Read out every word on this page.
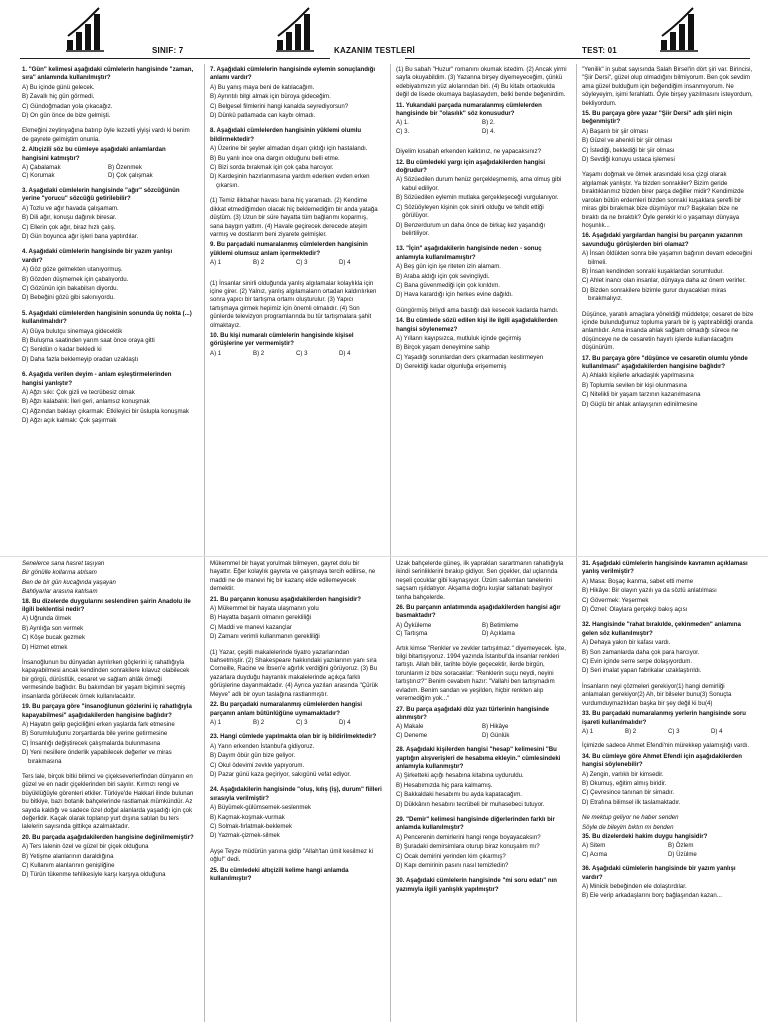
SINIF: 7	KAZANIM TESTLERİ	TEST: 01

1. "Gün" kelimesi aşağıdaki cümlelerin hangisinde "zaman, sıra" anlamında kullanılmıştır?

A) Bu içinde günü gelecek.

B) Zavallı hiç gün görmedi.

C) Gündoğmadan yola çıkacağız.

D) On gün önce de bize gelmişti.

Ekmeğini zeytinyağına batırıp öyle lezzetli yiyişi vardı ki benim de gayrete gelmiştim onunla.

2. Altıçizili söz bu cümleye aşağıdaki anlamlardan hangisini katmıştır?

A) Çabalamak	B) Özenmek
C) Korumak	D) Çok çalışmak

3. Aşağıdaki cümlelerin hangisinde "ağır" sözcüğünün yerine "yorucu" sözcüğü getirilebilir?

A) Tozlu ve ağır havada çalışamam.

B) Dili ağır, konuşu dağınık biresar.

C) Ellerin çok ağır, biraz hızlı çalış.

D) Gün boyunca ağır işleri bana yaptırdılar.

4. Aşağıdaki cümlelerin hangisinde bir yazım yanlışı vardır?

A) Göz göze gelmekten utanıyormuş.

B) Gözden düşmemek için çabalıyordu.

C) Gözünün için bakabilsın diyordu.

D) Bebeğini gözü gibi sakınıyordu.

5. Aşağıdaki cümlelerden hangisinin sonunda üç nokta (...) kullanılmalıdır?

A) Güya bulutçu sinemaya gidecektik

B) Buluşma saatinden yarım saat önce oraya gitti

C) Senidün o kadar bekledi ki

D) Daha fazla beklemeyip oradan uzaklaştı

6. Aşağıda verilen deyim - anlam eşleştirmelerinden hangisi yanlıştır?

A) Ağzı sıkı: Çok gizli ve tecrübesiz olmak

B) Ağzı kalabalık: İleri geri, anlamsız konuşmak

C) Ağzından baklayı çıkarmak: Etkileyici bir üslupla konuşmak

D) Ağzı açık kalmak: Çok şaşırmak

7. Aşağıdaki cümlelerin hangisinde eylemin sonuçlandığı anlamı vardır?

A) Bu yanış maya beni de katılacağım.

B) Ayrıntılı bilgi almak için büroya gideceğim.

C) Belgesel filmlerini hangi kanalda seyrediyorsun?

D) Dünkü patlamada can kaybı olmadı.

8. Aşağıdaki cümlelerden hangisinin yüklemi olumlu bildirmektedir?

A) Üzerine bir şeyler almadan dışarı çıktığı için hastalandı.

B) Bu yanlı ince ona dargın olduğunu belli etme.

C) Bizi sorda bırakmak için çok çaba harcıyor.

D) Kardeşinin hazırlanmasına yardım ederken evden erken çıkarsın.

(1) Temiz ilikbahar havası bana hiç yaramadı. (2) Kendime dikkat etmediğimden olacak hiç beklemediğim bir anda yatağa düştüm. (3) Uzun bir süre hayatta tüm bağlarımı koparmış, sana baygın yattım. (4) Havale geçirecek derecede ateşim varmış ve dostlarım beni ziyarete gelmişler.

9. Bu parçadaki numaralanmış cümlelerden hangisinin yüklemi olumsuz anlam içermektedir?

A) 1	B) 2	C) 3	D) 4

(1) İnsanlar sinirli olduğunda yanlış algılamalar kolaylıkla için içine girer. (2) Yalnız, yanlış algılamaların ortadan kaldırılırken sonra yapıcı bir tartışma ortamı oluşturulur. (3) Yapıcı tartışmaya girmek hepimiz için önemli olmalıdır. (4) Son günlerde televizyon programlarında bu tür tartışmalara şahit olmaktayız.

10. Bu kişi numaralı cümlelerin hangisinde kişisel görüşlerine yer vermemiştir?

A) 1	B) 2	C) 3	D) 4

(1) Bu sabah "Huzur" romanını okumak istedim. (2) Ancak yirmi sayfa okuyabildim. (3) Yazanna birşey diyemeyeceğim, çünkü edebiyatımızın yüz akılarından biri. (4) Bu kitabı ortaokulda değil de lisede okumaya başlasaydım, belki bende beğenirdim.

11. Yukarıdaki parçada numaralanmış cümlelerden hangisinde bir "olasılık" söz konusudur?

A) 1.	B) 2.
C) 3.	D) 4.

Diyelim kısabah erkenden kalktınız, ne yapacaksınız?

12. Bu cümledeki yargı için aşağıdakilerden hangisi doğrudur?

A) Sözüedilen durum henüz gerçekleşmemiş, ama olmuş gibi kabul ediliyor.

B) Sözüedilen eylemin mutlaka gerçekleşeceği vurgulanıyor.

C) Sözüöyleyen kişinin çok sinirli olduğu ve tehdit ettiği görülüyor.

D) Benzerdurum un daha önce de birkaç kez yaşandığı belirtiliyor.

13. "İçin" aşağıdakilerin hangisinde neden - sonuç anlamıyla kullanılmamıştır?

A) Beş gün için işe riteten izin alamam.

B) Araba aldığı için çok sevinçliydi.

C) Bana güvenmediği için çok kırıldım.

D) Hava karardığı için herkes evine dağıldı.

Güngörmüş biriydi ama bastığı dalı kesecek kadarda hamdı.

14. Bu cümlede sözü edilen kişi ile ilgili aşağıdakilerden hangisi söylenemez?

A) Yıllanrı kayıpsızca, mutluluk içinde geçirmiş

B) Birçok yaşam deneyimine sahip

C) Yaşadığı sorunlardan ders çıkarmadan kestirmeyen

D) Gerektiği kadar olgunluğa erişememiş

"Yenilik" in şubat sayısında Salah Birsel'in dört şiri var. Birincisi, "Şiir Dersi", güzel olup olmadığını bilmiyorum. Ben çok sevdim ama güzel bulduğum için beğendiğim insanmıyorum. Ne söyleyeyim, işimi ferahlattı. Öyle birşey yazılmasını isteyordum, bekliyordum.

15. Bu parçaya göre yazar "Şiir Dersi" adlı şiiri niçin beğenmiştir?

A) Başarılı bir şiir olması

B) Güzel ve ahenkli bir şiir olması

C) İstediği, beklediği bir şiir olması

D) Sevdiği konuyu ustaca işlemesi

Yaşamı doğmak ve ölmek arasındaki kısa çizgi olarak algılamak yanlıştır. Ya bizden sonrakiler? Bizim geride bıraktıklarımız bizden birer parça değiller midir? Kendimizde varolan bütün erdemleri bizden sonraki kuşaklara şerefli bir miras gibi bırakmak bize düşmüyor mu? Başkaları bize ne bıraktı da ne bıraktık? Öyle gerekir ki o yaşamayı dünyaya hoşunlık...

16. Aşağıdaki yargılardan hangisi bu parçanın yazarının savunduğu görüşlerden biri olamaz?

A) İnsan öldükten sonra bile yaşamın bağının devam edeceğini bilmeli.

B) İnsan kendinden sonraki kuşaklardan sorumludur.

C) Ahlet inancı olan insanlar, dünyaya daha az önem verirler.

D) Bizden sonrakilere bizimle gurur duyacakları miras bırakmalıyız.

Düşünce, yaratılı amaçlara yöneldiği müddetçe; cesaret de bize içinde bulunduğumuz topluma yararlı bir iş yaptırabildiği oranda anlamlıdır. Ama insanda ahlak sağlam olmadığı sürece ne düşünceye ne de cesaretin hayırlı işlerde kullanılacağını düşünürüm.

17. Bu parçaya göre "düşünce ve cesaretin olumlu yönde kullanılması" aşağıdakilerden hangisine bağlıdır?

A) Ahlaklı kişilerle arkadaşlık yapılmasına

B) Toplumla sevilen bir kişi olunmasına

C) Nitelikli bir yaşam tarzının kazanılmasına

D) Güçlü bir ahlak anlayışının edinilmesine

Senelerce sana hasret taşıyan

Bir gönülle kollarına atılsam

Ben de bir gün kucağında yaşayan

Bahtiyarlar arasına katılsam

18. Bu dizelerde duygularını seslendiren şairin Anadolu ile ilgili beklentisi nedir?

A) Uğrunda ölmek

B) Ayrılığa son vermek

C) Köşe bucak gezmek

D) Hizmet etmek

İnsanoğlunun bu dünyadan ayrılırken göçlerini iç rahatlığıyla kapayabilmesi ancak kendinden sonrakilere kılavuz olabilecek bir görgü, dürüstlük, cesaret ve sağlam ahlâk örneği vermesinde bağlıdır. Bu bakımdan bir yaşam biçimini seçmiş insanlarda görülecek örnek kullanılacaktır.

19. Bu parçaya göre "insanoğlunun gözlerini iç rahatlığıyla kapayabilmesi" aşağıdakilerden hangisine bağlıdır?

A) Hayatın gelip geçiciliğini erken yaşlarda fark etmesine

B) Sorumluluğunu zorşartlarda bile yerine getirmesine

C) İnsanlığı değiştirecek çalışmalarda bulunmasına

D) Yeni nesillere önderlik yapabilecek değerler ve miras bırakmasına

Ters lale, birçok bitki bilimci ve çiçekseverlerfindan dünyanın en güzel ve en nadir çiçeklerinden biri sayılır. Kırmızı rengi ve büyüklüğüyle görenleri etkiler. Türkiye'de Hakkari ilinde bulunan bu bitkiye, bazı botanik bahçelerinde rastlamak mümkündür. Az sayıda kaldığı ve sadece özel doğal alanlarda yaşadığı için çok değerlidir. Kaçak olarak toplanıp yurt dışına satılan bu ters lalelerin sayısında gittikçe azalmaktadır.

20. Bu parçada aşağıdakilerden hangisine değinilmemiştir?

A) Ters lalenin özel ve güzel bir çiçek olduğuna

B) Yetişme alanlarının daraldığına

C) Kullanım alanlarının genişliğine

D) Türün tükenme tehlikesiyle karşı karşıya olduğuna

Mükemmel bir hayat yorulmak bilmeyen, gayret dolu bir hayattır. Eğer kolaylık gayreta ve çalışmaya tercih edilirse, ne maddi ne de manevi hiç bir kazanç elde edilemeyecek demektir.

21. Bu parçanın konusu aşağıdakilerden hangisidir?

A) Mükemmel bir hayata ulaşmanın yolu

B) Hayatta başarılı olmanın gerekliliği

C) Maddi ve manevi kazançlar

D) Zamanı verimli kullanmanın gerekliliği

(1) Yazar, çeşitli makalelerinde tiyatro yazarlarından bahsetmiştir. (2) Shakespeare hakkındaki yazılarının yanı sıra Corneille, Racine ve İbsen'e ağırlık verdiğini görüyoruz. (3) Bu yazarlara duyduğu hayranlık makalelerinde açıkça farklı görüşlerine dayanmaktadır. (4) Ayrıca yazıları arasında "Çürük Meyve" adlı bir oyun taslağına rastlanmıştır.

22. Bu parçadaki numaralanmış cümlelerden hangisi parçanın anlam bütünlüğüne uymamaktadır?

A) 1	B) 2	C) 3	D) 4

23. Hangi cümlede yapılmakta olan bir iş bildirilmektedir?

A) Yarın erkenden İstanbul'a gidiyoruz.

B) Dayım öbür gün bize geliyor.

C) Okul ödevimi zevkle yapıyorum.

D) Pazar günü kaza geçiriyor, sakıgünü vefat ediyor.

24. Aşağıdakilerin hangisinde "oluş, kılış (iş), durum" fiilleri sırasıyla verilmiştir?

A) Büyümek-gülümsemek-seslenmek

B) Kaçmak-koşmak-vurmak

C) Solmak-fırlatmak-beklemek

D) Yazmak-çizmek-silmek

Ayşe Teyze müdürün yanına gidip "Allah'tan ümit kesilmez ki oğlu!" dedi.

25. Bu cümledeki altıçizili kelime hangi anlamda kullanılmıştır?

Uzak bahçelerde güneş, ilk yaprakları sarartmanın rahatlığıyla ikindi serinliklerini bırakıp gidiyor. Sen çiçekler, dal uçlarında neşeli çocuklar gibi kaynaşıyor. Üzüm salkımları tanelerini saçsam ışıldatıyor. Akşama doğru kuşlar saltanatı başlıyor tenha bahçelerde.

26. Bu parçanın anlatımında aşağıdakilerden hangisi ağır basmaktadır?

A) Öyküleme	B) Betimleme
C) Tartışma	D) Açıklama

Artık kimse "Renkler ve zevkler tartışılmaz." diyemeyecek. İşte, bilgi bitartışıyoruz. 1994 yazında İstanbul'da insanlar renkleri tartıştı. Allah bilir, tarihte böyle geçecektir, ilerde birgün, torunlarım iz bize soracaklar: "Renklerin suçu neydi, neyini tartıştınız?" Benim cevabım hazır: "Vallahi ben tartışmadım evladım. Benim sandan ve yeşilden, hiçbir renkten alıp veremediğim yok..."

27. Bu parça aşağıdaki düz yazı türlerinin hangisinde alınmıştır?

A) Makale	B) Hikâye
C) Deneme	D) Günlük

28. Aşağıdaki kişilerden hangisi "hesap" kelimesini "Bu yaptığın alışverişleri de hesabıma ekleyin." cümlesindeki anlamıyla kullanmıştır?

A) Şirketteki açığı hesabına kitabına uyduruldu.

B) Hesabımızda hiç para kalmamış.

C) Bakkaldaki hesabımı bu ayda kapatacağım.

D) Dükkânın hesabını tecrübeli bir muhasebeci tutuyor.

29. "Demir" kelimesi hangisinde diğerlerinden farklı bir anlamda kullanılmıştır?

A) Pencerenin demirlerini hangi renge boyayacaksın?

B) Şuradaki demirsimlara oturup biraz konuşalım mı?

C) Ocak demirini yerinden kim çıkarmış?

D) Kapı demirinin pasını nasıl temizledin?

30. Aşağıdaki cümlelerin hangisinde "mi soru edatı" nın yazımıyla ilgili yanlışlık yapılmıştır?

31. Aşağıdaki cümlelerin hangisinde kavramın açıklaması yanlış verilmiştir?

A) Masa: Boşaç ikanma, sabet etti meme

B) Hikâye: Bir olayın yazılı ya da sözlü anlatılması

C) Gövermek: Yeşermek

D) Öznel: Olaylara gerçekçi bakış açısı

32. Hangisinde "rahat bırakılde, çekinmeden" anlamına gelen söz kullanılmıştır?

A) Dehaya yakın bir kafası vardı.

B) Son zamanlarda daha çok para harcıyor.

C) Evin içinde serre serpe dolaşıyordum.

D) Seri imalat yapan fabrikalar uzaklaştırıldı.

İnsanların neyi çözmeleri gerekiyor(1) hangi demirliği anlamaları gerekiyor(2) Ah, bir bilseler bunu(3) Sonuçta vurdumduymazlıktan başka bir şey değil ki bu(4)

33. Bu parçadaki numaralanmış yerlerin hangisinde soru işareti kullanılmalıdır?

A) 1	B) 2	C) 3	D) 4

İçimizde sadece Ahmet Efendi'nin mürekkep yalamışlığı vardı.

34. Bu cümleye göre Ahmet Efendi için aşağıdakilerden hangisi söylenebilir?

A) Zengin, varlıklı bir kimsedir.

B) Okumuş, eğitim almış biridir.

C) Çevresince tanınan bir simadır.

D) Etrafına bilimsel ilk taslamaktadır.

Ne mektup geliyor ne haber senden

Söyle de bileyim bıktın mı benden

35. Bu dizelerdeki hakim duygu hangisidir?

A) Sitem	B) Özlem
C) Acıma	D) Üzülme

36. Aşağıdaki cümlelerin hangisinde bir yazım yanlışı vardır?

A) Minicik bebeğinden ele dolaştırdılar.

B) Ele verip arkadaşlarını borç bağlaşından kazan...
